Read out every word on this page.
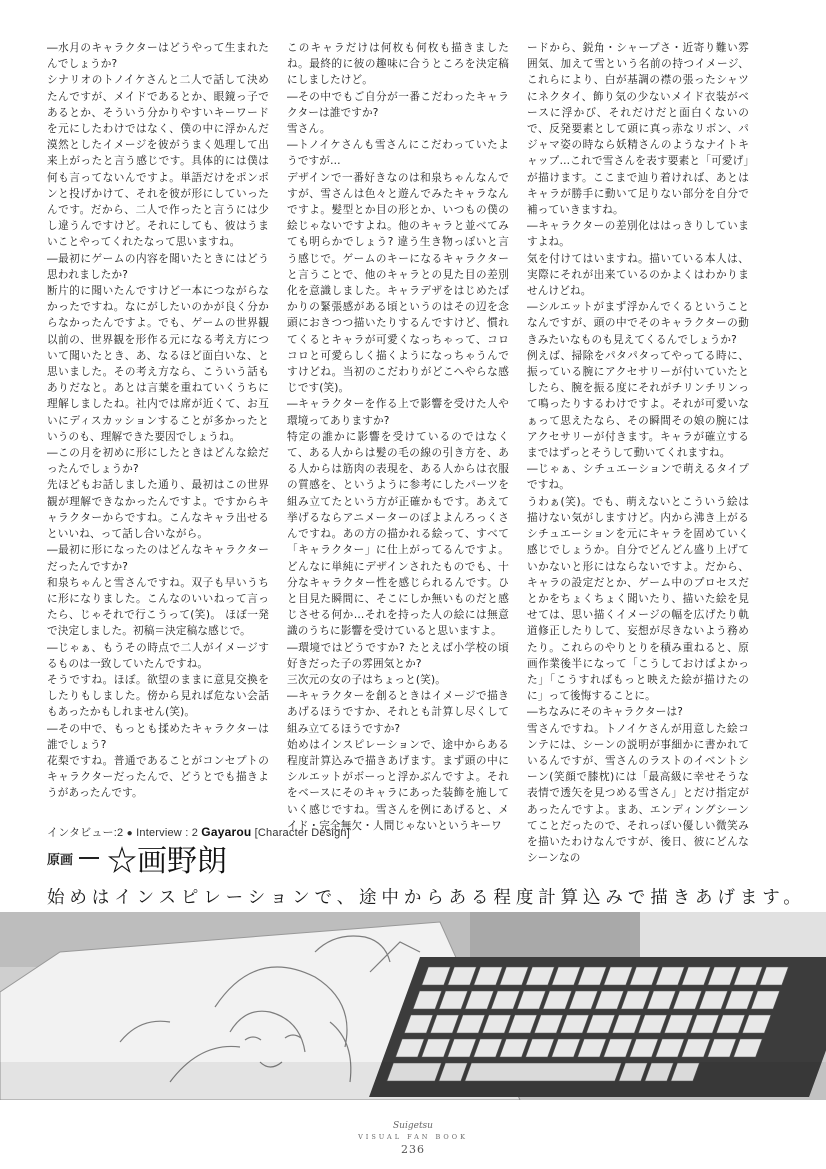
―水月のキャラクターはどうやって生まれたんでしょうか?

シナリオのトノイケさんと二人で話して決めたんですが、メイドであるとか、眼鏡っ子であるとか、そういう分かりやすいキーワードを元にしたわけではなく、僕の中に浮かんだ漠然としたイメージを彼がうまく処理して出来上がったと言う感じです。具体的には僕は何も言ってないんですよ。単語だけをポンポンと投げかけて、それを彼が形にしていったんです。だから、二人で作ったと言うには少し違うんですけど。それにしても、彼はうまいことやってくれたなって思いますね。

―最初にゲームの内容を聞いたときにはどう思われましたか?

断片的に聞いたんですけど一本につながらなかったですね。なにがしたいのかが良く分からなかったんですよ。でも、ゲームの世界観以前の、世界観を形作る元になる考え方について聞いたとき、あ、なるほど面白いな、と思いました。その考え方なら、こういう話もありだなと。あとは言葉を重ねていくうちに理解しましたね。社内では席が近くて、お互いにディスカッションすることが多かったというのも、理解できた要因でしょうね。

―この月を初めに形にしたときはどんな絵だったんでしょうか?

先ほどもお話しました通り、最初はこの世界観が理解できなかったんですよ。ですからキャラクターからですね。こんなキャラ出せるといいね、って話し合いながら。

―最初に形になったのはどんなキャラクターだったんですか?

和泉ちゃんと雪さんですね。双子も早いうちに形になりました。こんなのいいねって言ったら、じゃそれで行こうって(笑)。 ほぼ一発で決定しました。初稿＝決定稿な感じで。

―じゃぁ、もうその時点で二人がイメージするものは一致していたんですね。

そうですね。ほぼ。欲望のままに意見交換をしたりもしました。傍から見れば危ない会話もあったかもしれません(笑)。

―その中で、もっとも揉めたキャラクターは誰でしょう?

花梨ですね。普通であることがコンセプトのキャラクターだったんで、どうとでも描きようがあったんです。

このキャラだけは何枚も何枚も描きましたね。最終的に彼の趣味に合うところを決定稿にしましたけど。

―その中でもご自分が一番こだわったキャラクターは誰ですか?

雪さん。

―トノイケさんも雪さんにこだわっていたようですが…

デザインで一番好きなのは和泉ちゃんなんですが、雪さんは色々と遊んでみたキャラなんですよ。髪型とか目の形とか、いつもの僕の絵じゃないですよね。他のキャラと並べてみても明らかでしょう? 違う生き物っぽいと言う感じで。ゲームのキーになるキャラクターと言うことで、他のキャラとの見た目の差別化を意識しました。キャラデザをはじめたばかりの緊張感がある頃というのはその辺を念頭におきつつ描いたりするんですけど、慣れてくるとキャラが可愛くなっちゃって、コロコロと可愛らしく描くようになっちゃうんですけどね。当初のこだわりがどこへやらな感じです(笑)。

―キャラクターを作る上で影響を受けた人や環境ってありますか?

特定の誰かに影響を受けているのではなくて、ある人からは髪の毛の線の引き方を、ある人からは筋肉の表現を、ある人からは衣服の質感を、というように参考にしたパーツを組み立てたという方が正確かもです。あえて挙げるならアニメーターのぽよよんろっくさんですね。あの方の描かれる絵って、すべて「キャラクター」に仕上がってるんですよ。どんなに単純にデザインされたものでも、十分なキャラクター性を感じられるんです。ひと目見た瞬間に、そこにしか無いものだと感じさせる何か…それを持った人の絵には無意識のうちに影響を受けていると思いますよ。

―環境ではどうですか? たとえば小学校の頃好きだった子の雰囲気とか?

三次元の女の子はちょっと(笑)。

―キャラクターを創るときはイメージで描きあげるほうですか、それとも計算し尽くして組み立てるほうですか?

始めはインスピレーションで、途中からある程度計算込みで描きあげます。まず頭の中にシルエットがボーっと浮かぶんですよ。それをベースにそのキャラにあった装飾を施していく感じですね。雪さんを例にあげると、メイド・完全無欠・人間じゃないというキーワ

ードから、鋭角・シャープさ・近寄り難い雰囲気、加えて雪という名前の持つイメージ、これらにより、白が基調の襟の張ったシャツにネクタイ、飾り気の少ないメイド衣装がベースに浮かび、それだけだと面白くないので、反発要素として頭に真っ赤なリボン、パジャマ姿の時なら妖精さんのようなナイトキャップ…これで雪さんを表す要素と「可愛げ」が描けます。ここまで辿り着ければ、あとはキャラが勝手に動いて足りない部分を自分で補っていきますね。

―キャラクターの差別化ははっきりしていますよね。

気を付けてはいますね。描いている本人は、実際にそれが出来ているのかよくはわかりませんけどね。

―シルエットがまず浮かんでくるということなんですが、頭の中でそのキャラクターの動きみたいなものも見えてくるんでしょうか?

例えば、掃除をパタパタってやってる時に、振っている腕にアクセサリーが付いていたとしたら、腕を振る度にそれがチリンチリンって鳴ったりするわけですよ。それが可愛いなぁって思えたなら、その瞬間その娘の腕にはアクセサリーが付きます。キャラが確立するまではずっとそうして動いてくれますね。

―じゃぁ、シチュエーションで萌えるタイプですね。

うわぁ(笑)。でも、萌えないとこういう絵は描けない気がしますけど。内から沸き上がるシチュエーションを元にキャラを固めていく感じでしょうか。自分でどんどん盛り上げていかないと形にはならないですよ。だから、キャラの設定だとか、ゲーム中のプロセスだとかをちょくちょく聞いたり、描いた絵を見せては、思い描くイメージの幅を広げたり軌道修正したりして、妄想が尽きないよう務めたり。これらのやりとりを積み重ねると、原画作業後半になって「こうしておけばよかった」「こうすればもっと映えた絵が描けたのに」って後悔することに。

―ちなみにそのキャラクターは?

雪さんですね。トノイケさんが用意した絵コンテには、シーンの説明が事細かに書かれているんですが、雪さんのラストのイベントシーン(笑顔で膝枕)には「最高級に幸せそうな表情で透矢を見つめる雪さん」とだけ指定があったんですよ。まあ、エンディングシーンてことだったので、それっぽい優しい微笑みを描いたわけなんですが、後日、彼にどんなシーンなの

インタビュー:2 ● Interview : 2 Gayarou [Character Design]
原画 ☆画野朗
始めはインスピレーションで、途中からある程度計算込みで描きあげます。
Suigetsu
VISUAL FAN BOOK
236
